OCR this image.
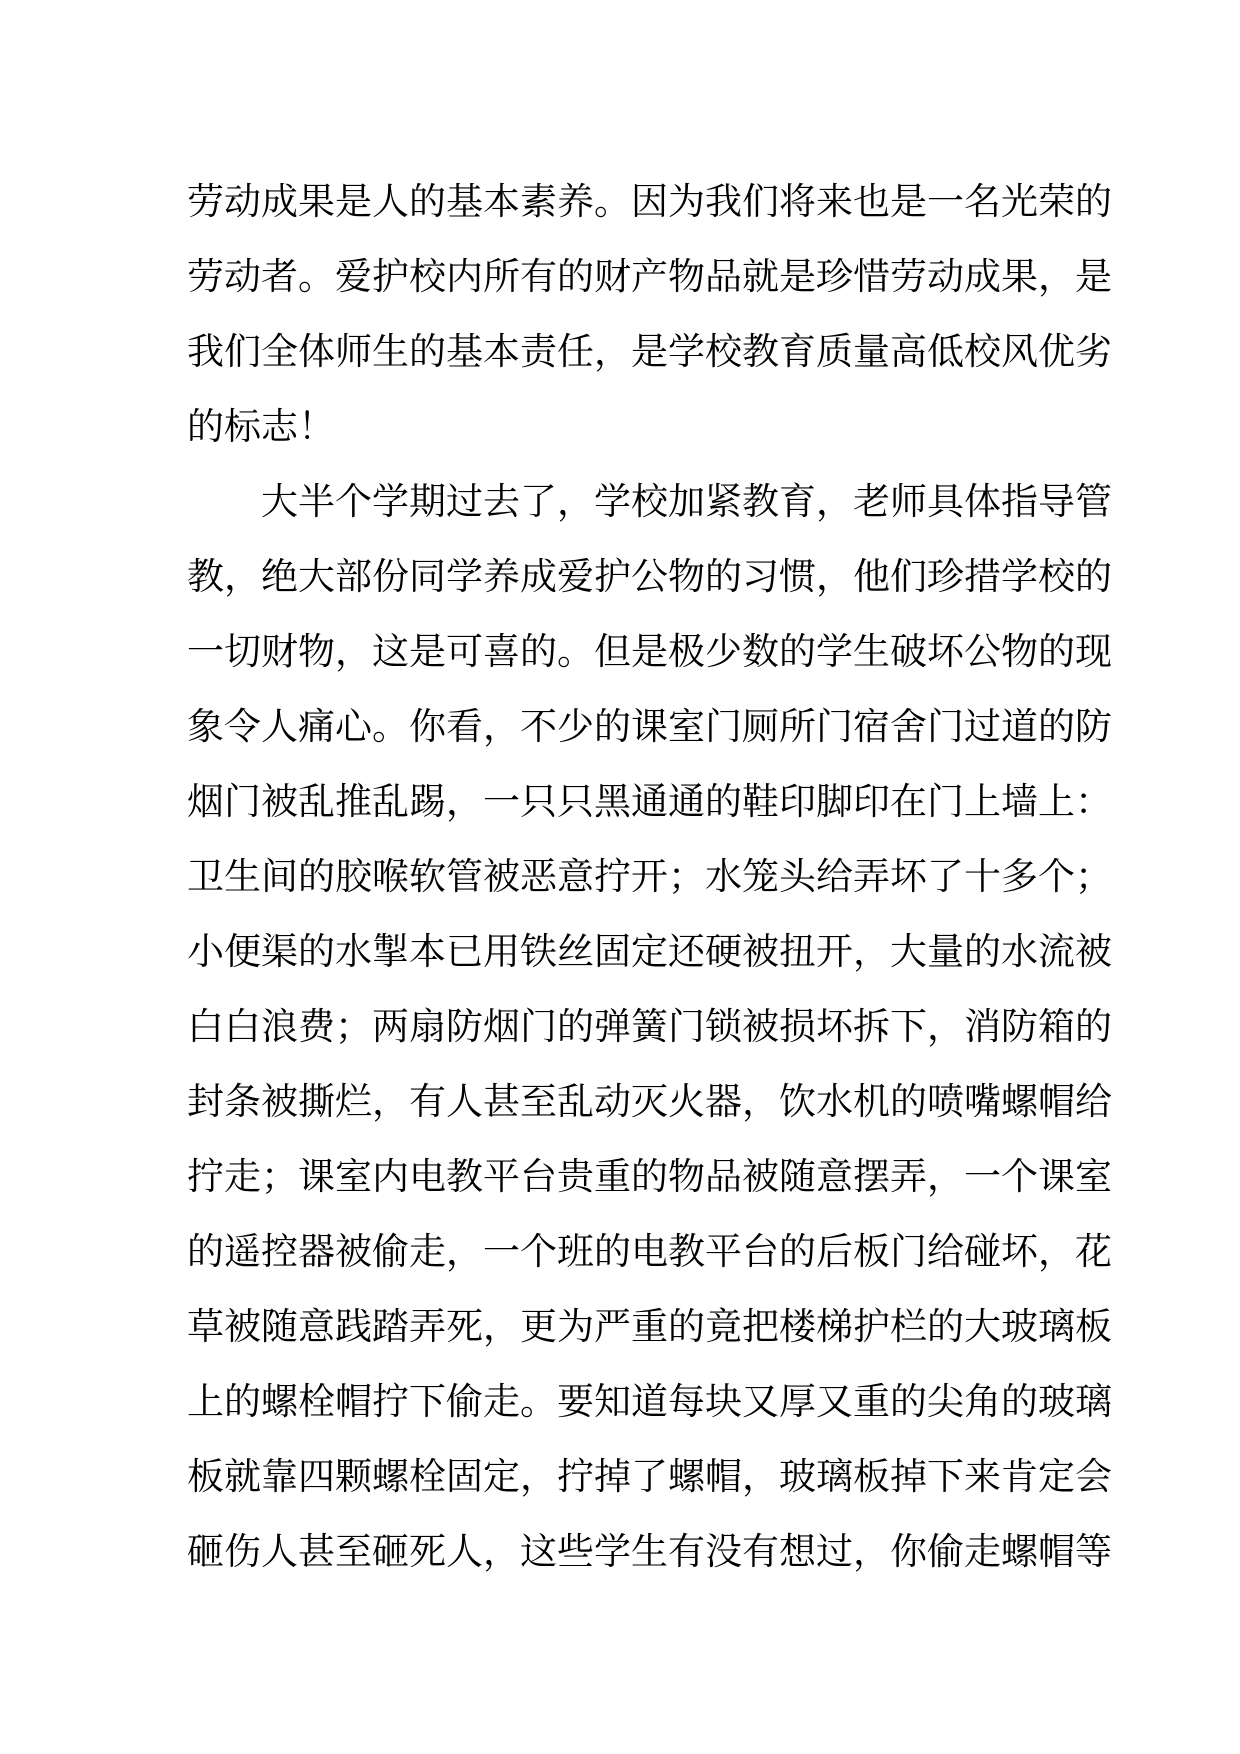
劳动成果是人的基本素养。因为我们将来也是一名光荣的
劳动者。爱护校内所有的财产物品就是珍惜劳动成果，是
我们全体师生的基本责任，是学校教育质量高低校风优劣
的标志！
大半个学期过去了，学校加紧教育，老师具体指导管
教，绝大部份同学养成爱护公物的习惯，他们珍措学校的
一切财物，这是可喜的。但是极少数的学生破坏公物的现
象令人痛心。你看，不少的课室门厕所门宿舍门过道的防
烟门被乱推乱踢，一只只黑通通的鞋印脚印在门上墙上：
卫生间的胶喉软管被恶意拧开；水笼头给弄坏了十多个；
小便渠的水掣本已用铁丝固定还硬被扭开，大量的水流被
白白浪费；两扇防烟门的弹簧门锁被损坏拆下，消防箱的
封条被撕烂，有人甚至乱动灭火器，饮水机的喷嘴螺帽给
拧走；课室内电教平台贵重的物品被随意摆弄，一个课室
的遥控器被偷走，一个班的电教平台的后板门给碰坏，花
草被随意践踏弄死，更为严重的竟把楼梯护栏的大玻璃板
上的螺栓帽拧下偷走。要知道每块又厚又重的尖角的玻璃
板就靠四颗螺栓固定，拧掉了螺帽，玻璃板掉下来肯定会
砸伤人甚至砸死人，这些学生有没有想过，你偷走螺帽等
